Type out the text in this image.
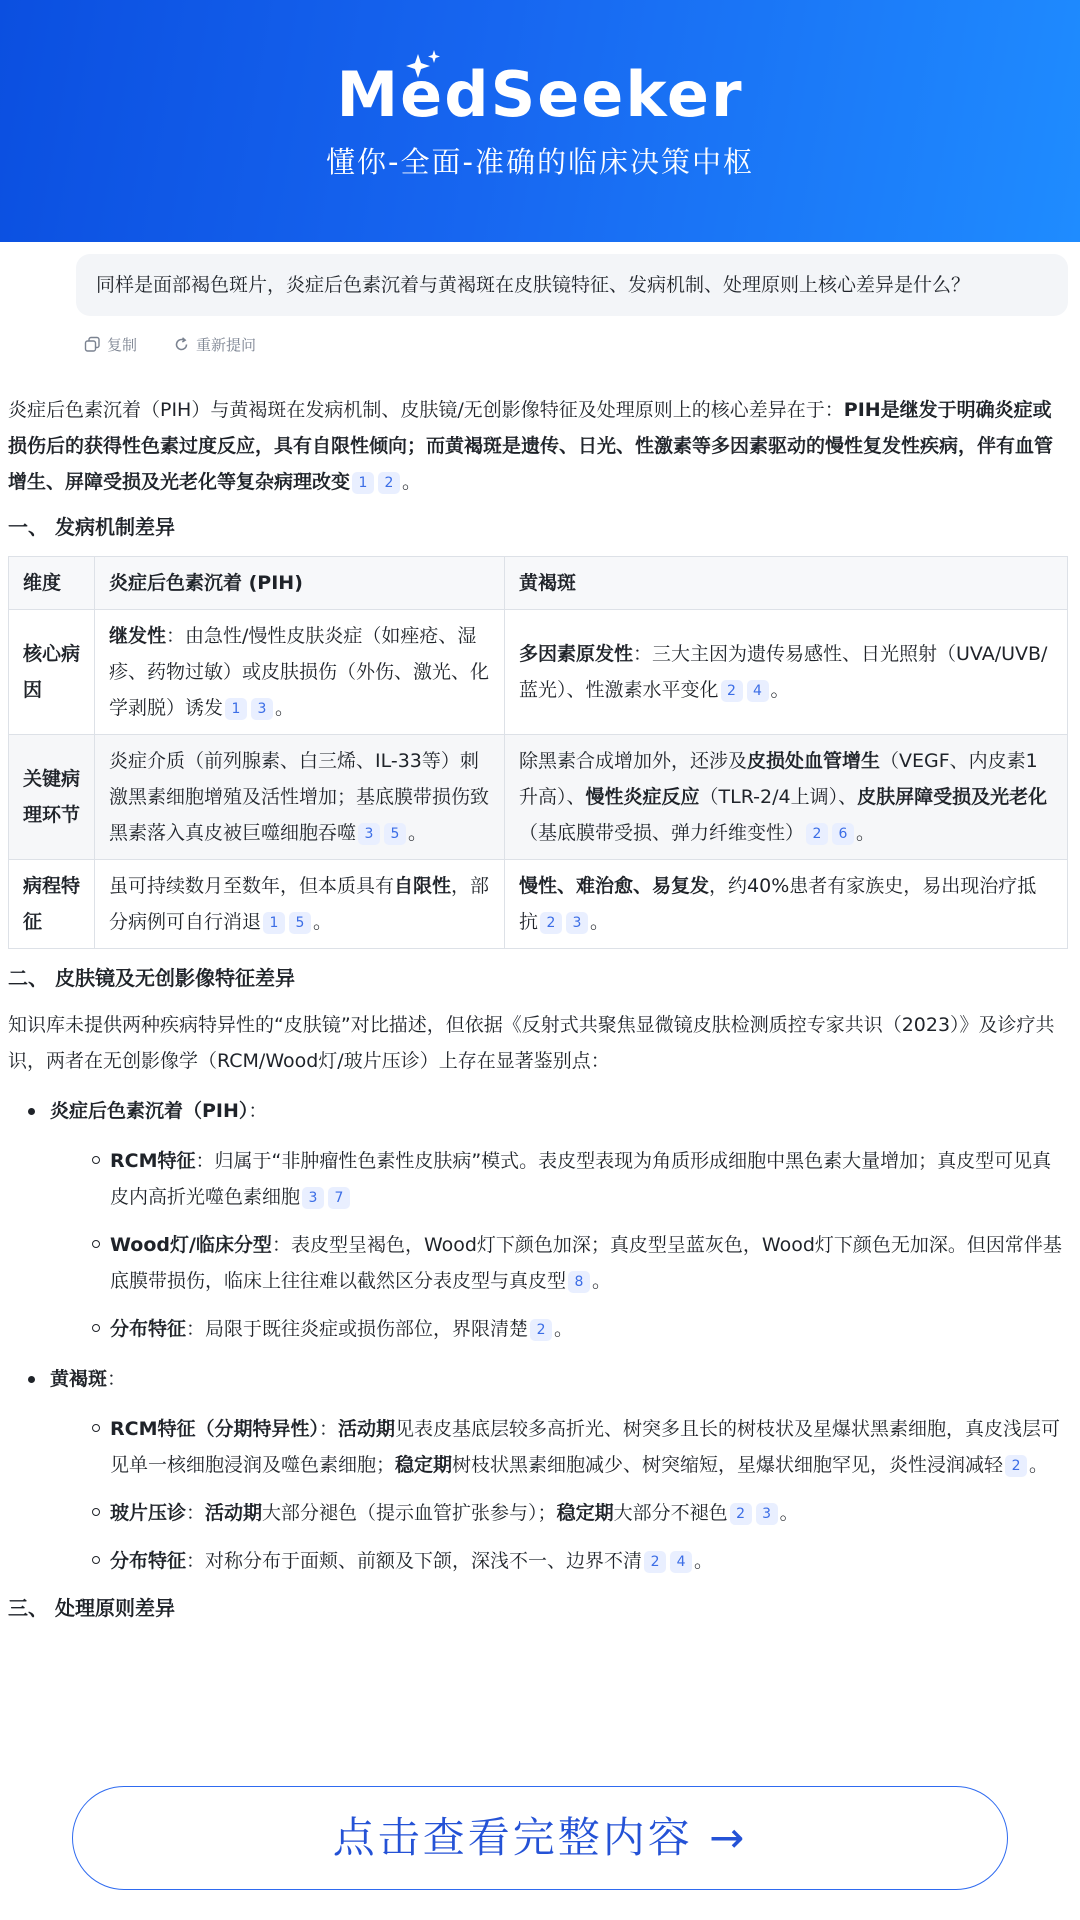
MedSeeker
懂你-全面-准确的临床决策中枢
同样是面部褐色斑片，炎症后色素沉着与黄褐斑在皮肤镜特征、发病机制、处理原则上核心差异是什么？
复制	重新提问
炎症后色素沉着（PIH）与黄褐斑在发病机制、皮肤镜/无创影像特征及处理原则上的核心差异在于：PIH是继发于明确炎症或损伤后的获得性色素过度反应，具有自限性倾向；而黄褐斑是遗传、日光、性激素等多因素驱动的慢性复发性疾病，伴有血管增生、屏障受损及光老化等复杂病理改变 1 2 。
一、 发病机制差异
维度	炎症后色素沉着 (PIH)	黄褐斑
核心病因	继发性：由急性/慢性皮肤炎症（如痤疮、湿疹、药物过敏）或皮肤损伤（外伤、激光、化学剥脱）诱发 1 3 。	多因素原发性：三大主因为遗传易感性、日光照射（UVA/UVB/蓝光）、性激素水平变化 2 4 。
关键病理环节	炎症介质（前列腺素、白三烯、IL-33等）刺激黑素细胞增殖及活性增加；基底膜带损伤致黑素落入真皮被巨噬细胞吞噬 3 5 。	除黑素合成增加外，还涉及皮损处血管增生（VEGF、内皮素1升高）、慢性炎症反应（TLR-2/4上调）、皮肤屏障受损及光老化（基底膜带受损、弹力纤维变性） 2 6 。
病程特征	虽可持续数月至数年，但本质具有自限性，部分病例可自行消退 1 5 。	慢性、难治愈、易复发，约40%患者有家族史，易出现治疗抵抗 2 3 。
二、 皮肤镜及无创影像特征差异
知识库未提供两种疾病特异性的“皮肤镜”对比描述，但依据《反射式共聚焦显微镜皮肤检测质控专家共识（2023）》及诊疗共识，两者在无创影像学（RCM/Wood灯/玻片压诊）上存在显著鉴别点：
炎症后色素沉着（PIH）：
RCM特征：归属于“非肿瘤性色素性皮肤病”模式。表皮型表现为角质形成细胞中黑色素大量增加；真皮型可见真皮内高折光噬色素细胞 3 7
Wood灯/临床分型：表皮型呈褐色，Wood灯下颜色加深；真皮型呈蓝灰色，Wood灯下颜色无加深。但因常伴基底膜带损伤，临床上往往难以截然区分表皮型与真皮型 8 。
分布特征：局限于既往炎症或损伤部位，界限清楚 2 。
黄褐斑：
RCM特征（分期特异性）：活动期见表皮基底层较多高折光、树突多且长的树枝状及星爆状黑素细胞，真皮浅层可见单一核细胞浸润及噬色素细胞；稳定期树枝状黑素细胞减少、树突缩短，星爆状细胞罕见，炎性浸润减轻 2 。
玻片压诊：活动期大部分褪色（提示血管扩张参与）；稳定期大部分不褪色 2 3 。
分布特征：对称分布于面颊、前额及下颌，深浅不一、边界不清 2 4 。
三、 处理原则差异
点击查看完整内容 →
